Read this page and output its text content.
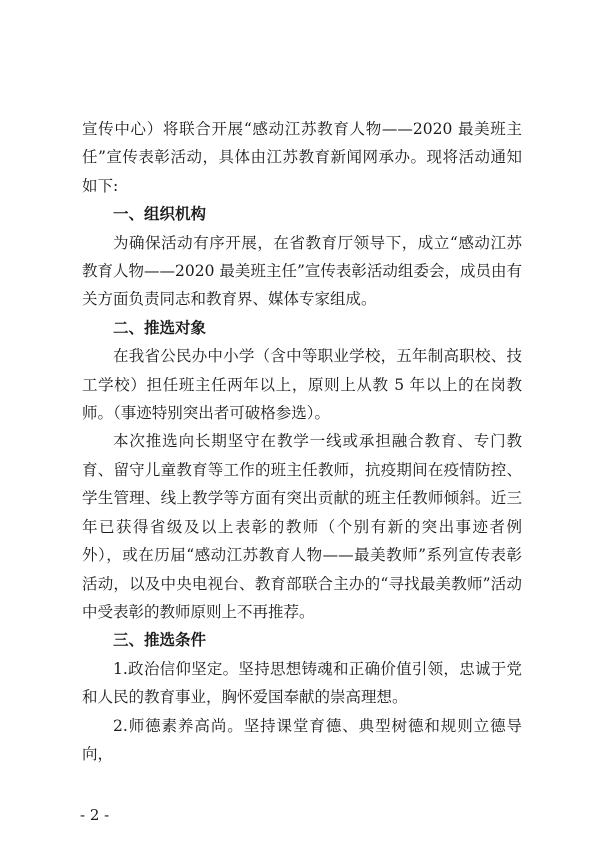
宣传中心）将联合开展“感动江苏教育人物——2020 最美班主任”宣传表彰活动，具体由江苏教育新闻网承办。现将活动通知如下:

一、组织机构

为确保活动有序开展，在省教育厅领导下，成立“感动江苏教育人物——2020 最美班主任”宣传表彰活动组委会，成员由有关方面负责同志和教育界、媒体专家组成。

二、推选对象

在我省公民办中小学（含中等职业学校，五年制高职校、技工学校）担任班主任两年以上，原则上从教 5 年以上的在岗教师。（事迹特别突出者可破格参选）。

本次推选向长期坚守在教学一线或承担融合教育、专门教育、留守儿童教育等工作的班主任教师，抗疫期间在疫情防控、学生管理、线上教学等方面有突出贡献的班主任教师倾斜。近三年已获得省级及以上表彰的教师（个别有新的突出事迹者例外），或在历届“感动江苏教育人物——最美教师”系列宣传表彰活动，以及中央电视台、教育部联合主办的“寻找最美教师”活动中受表彰的教师原则上不再推荐。

三、推选条件

1.政治信仰坚定。坚持思想铸魂和正确价值引领，忠诚于党和人民的教育事业，胸怀爱国奉献的崇高理想。

2.师德素养高尚。坚持课堂育德、典型树德和规则立德导向，

- 2 -
